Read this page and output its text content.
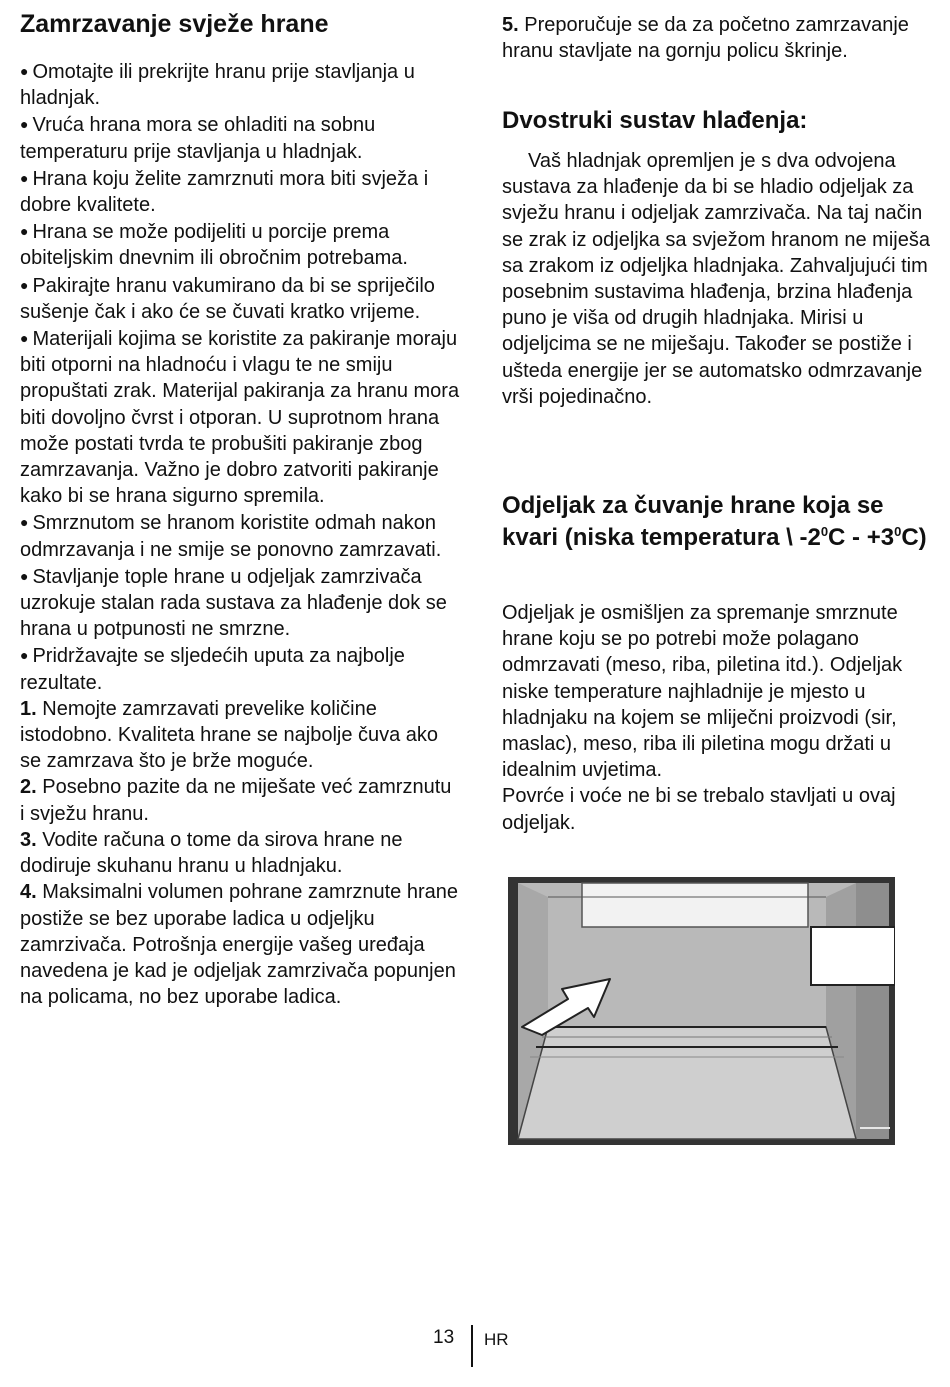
Zamrzavanje svježe hrane

● Omotajte ili prekrijte hranu prije stavljanja u hladnjak.

● Vruća hrana mora se ohladiti na sobnu temperaturu prije stavljanja u hladnjak.

● Hrana koju želite zamrznuti mora biti svježa i dobre kvalitete.

● Hrana se može podijeliti u porcije prema obiteljskim dnevnim ili obročnim potrebama.

● Pakirajte hranu vakumirano da bi se spriječilo sušenje čak i ako će se čuvati kratko vrijeme.

● Materijali kojima se koristite za pakiranje moraju biti otporni na hladnoću i vlagu te ne smiju propuštati zrak. Materijal pakiranja za hranu mora biti dovoljno čvrst i otporan. U suprotnom hrana može postati tvrda te probušiti pakiranje zbog zamrzavanja. Važno je dobro zatvoriti pakiranje kako bi se hrana sigurno spremila.

● Smrznutom se hranom koristite odmah nakon odmrzavanja i ne smije se ponovno zamrzavati.

● Stavljanje tople hrane u odjeljak zamrzivača uzrokuje stalan rada sustava za hlađenje dok se hrana u potpunosti ne smrzne.

● Pridržavajte se sljedećih uputa za najbolje rezultate.

1. Nemojte zamrzavati prevelike količine istodobno. Kvaliteta hrane se najbolje čuva ako se zamrzava što je brže moguće.

2. Posebno pazite da ne miješate već zamrznutu i svježu hranu.

3. Vodite računa o tome da sirova hrane ne dodiruje skuhanu hranu u hladnjaku.

4. Maksimalni volumen pohrane zamrznute hrane postiže se bez uporabe ladica u odjeljku zamrzivača. Potrošnja energije vašeg uređaja navedena je kad je odjeljak zamrzivača popunjen na policama, no bez uporabe ladica.

5. Preporučuje se da za početno zamrzavanje hranu stavljate na gornju policu škrinje.

Dvostruki sustav hlađenja:

Vaš hladnjak opremljen je s dva odvojena sustava za hlađenje da bi se hladio odjeljak za svježu hranu i odjeljak zamrzivača. Na taj način se zrak iz odjeljka sa svježom hranom ne miješa sa zrakom iz odjeljka hladnjaka. Zahvaljujući tim posebnim sustavima hlađenja, brzina hlađenja puno je viša od drugih hladnjaka. Mirisi u odjeljcima se ne miješaju. Također se postiže i ušteda energije jer se automatsko odmrzavanje vrši pojedinačno.

Odjeljak za čuvanje hrane koja se kvari (niska temperatura \ $-2^0C - +3^0C$)

Odjeljak je osmišljen za spremanje smrznute hrane koju se po potrebi može polagano odmrzavati (meso, riba, piletina itd.). Odjeljak niske temperature najhladnije je mjesto u hladnjaku na kojem se mliječni proizvodi (sir, maslac), meso, riba ili piletina mogu držati u idealnim uvjetima.

Povrće i voće ne bi se trebalo stavljati u ovaj odjeljak.

13 HR
